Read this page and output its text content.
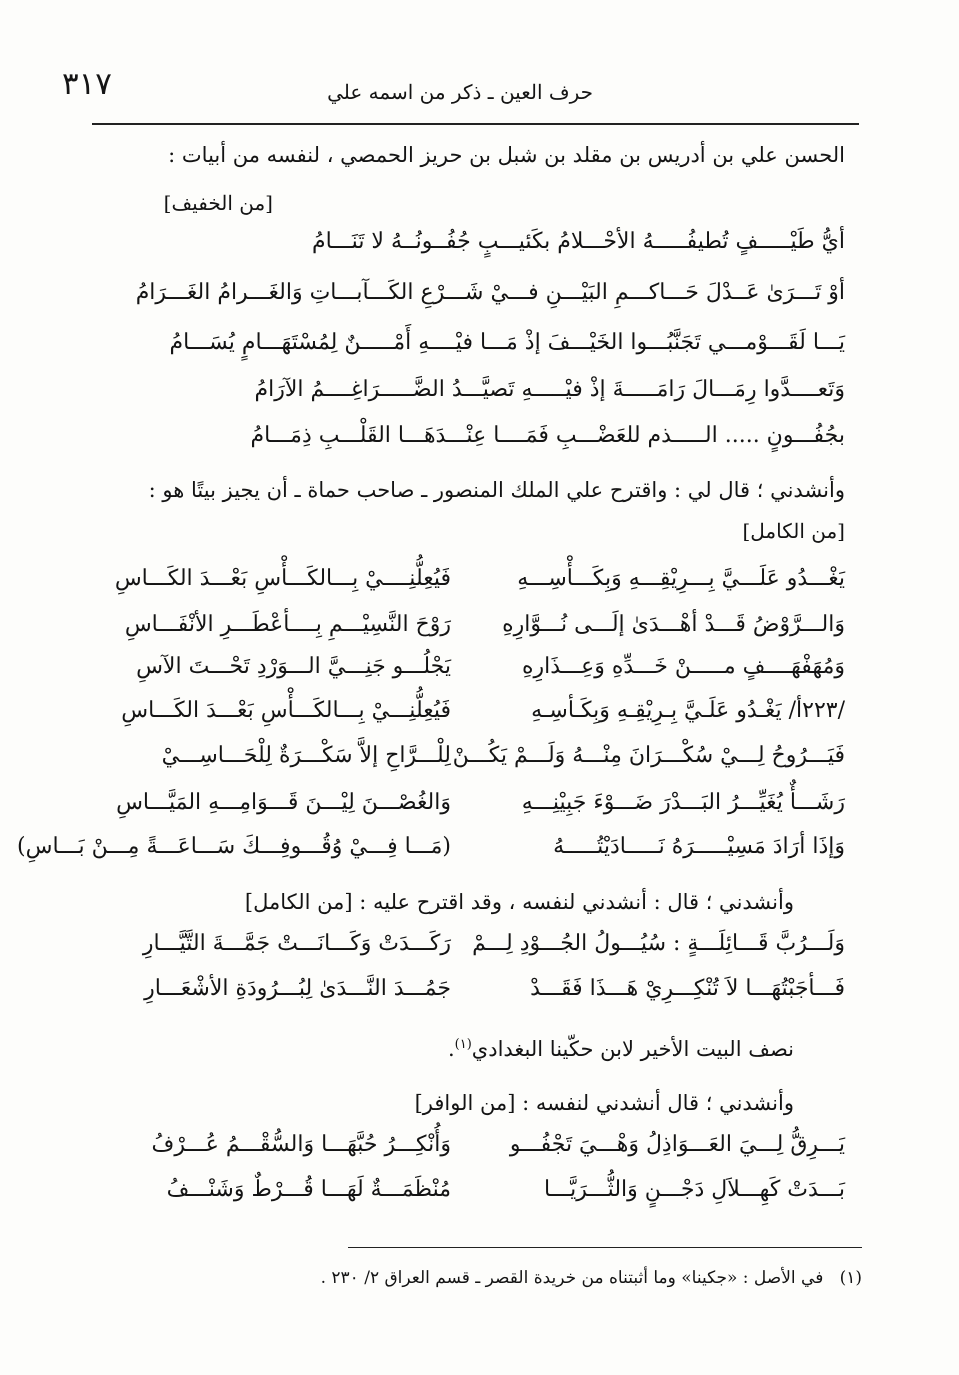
٣١٧	حرف العين ـ ذكر من اسمه علي
الحسن علي بن أدريس بن مقلد بن شبل بن حريز الحمصي ، لنفسه من أبيات :
[من الخفيف]
أيُّ طَيْـــــفٍ تُطيفُـــــهُ الأحْـــلامُ بكَئيـــبٍ جُفُــونُــهُ لا تَنَـــامُ
أوْ تَـــرَىٰ عَــدْلَ حَـــاكـــمِ البَيْـــنِ فـــيْ شَـــرْعِ الكَـــآبـــاتِ وَالغَـــرامُ الغَـــرَامُ
يَـــا لَقَـــوْمـــي تَجَنَّبُـــوا الخَيْـــفَ إذْ مَـــا فيْــــهِ أَمْـــــنٌ لِمُسْتَهَـــامٍ يُسَـــامُ
وَتَعــــدَّوا رِمَـــالَ رَامَـــــةَ إذْ فيْـــــهِ تَصيَّـــدُ الضَّـــــرَاغِــــمُ الآرَامُ
بجُفُـــونٍ ..... الـــــذم للعَضْـــبِ فَمَــــا عِنْـــدَهَـــا القَلْـــبِ ذِمَـــامُ
وأنشدني ؛ قال لي : واقترح علي الملك المنصور ـ صاحب حماة ـ أن يجيز بيتًا هو :
[من الكامل]
يَغْـــدُو عَلَـــيَّ بِـــرِيْقِـــهِ وَبِكَـــأْسِـــهِ
فَيُعِلُّنِــــيْ بِـــالكَـــأْسِ بَعْـــدَ الكَـــاسِ
وَالـــرَّوْضُ قَـــدْ أهْـــدَىٰ إلَـــى نُـــوَّارِهِ
رَوْحَ النَّسِيْـــمِ بِــــأعْطَـــرِ الأنْفَـــاسِ
وَمُهَفْهَــــفٍ مـــــنْ خَـــدِّهِ وَعِـــذَارِهِ
يَجْلُـــو جَنِـــيَّ الـــوَرْدِ تَحْـــتَ الآسِ
/٢٢٣أ/ يَغْـدُو عَلَـيَّ بِـرِيْقِـهِ وَبِكَـأسِـهِ
فَيُعِلُّنِـــيْ بِـــالكَـــأْسِ بَعْـــدَ الكَـــاسِ
فَيَـــرُوحُ لِـــيْ سُكْـــرَانَ مِنْـــهُ وَلَـــمْ يَكُـــنْ
لِلْـــرَّاحِ إلاَّ سَكْـــرَةٌ لِلْحَـــاسِـــيْ
رَشَـــأٌ يُغَيِّـــرُ البَـــدْرَ ضَـــوْءَ جَبِيْنِـــهِ
وَالغُصْـــنَ لِيْـــنَ قَـــوَامِـــهِ المَيَّـــاسِ
وَإذَا أرَادَ مَسِيْـــــرَهُ نَـــــادَيْتُـــــهُ
(مَـــا فِـــيْ وُقُـــوفِـــكَ سَـــاعَـــةً مِـــنْ بَـــاسِ)
وأنشدني ؛ قال : أنشدني لنفسه ، وقد اقترح عليه : [من الكامل]
وَلَـــرُبَّ قَـــائِلَـــةٍ : سُيُـــولُ الجُـــوْدِ لِـــمْ
رَكَـــدَتْ وَكَـــانَـــتْ جَمَّـــةَ التَّيَّـــارِ
فَـــأجَبْتُهَـــا لاَ تُنْكِـــرِيْ هَـــذَا فَقَـــدْ
جَمُـــدَ النَّـــدَىٰ لِبُـــرُودَةِ الأشْعَـــارِ
نصف البيت الأخير لابن حكّينا البغدادي$^{(١)}$.
وأنشدني ؛ قال أنشدني لنفسه : [من الوافر]
يَـــرِقُّ لِـــيَ العَـــوَاذِلُ وَهْـــيَ تَجْفُـــو
وَأُنْكِـــرُ حُبَّهَـــا وَالسُّقْـــمُ عُـــرْفُ
بَـــدَتْ كَهِـــلاَلِ دَجْـــنٍ وَالثُّـــرَيَّـــا
مُنْظَمَـــةٌ لَهَـــا قُـــرْطٌ وَشَنْـــفُ
(١)   في الأصل : «جكينا» وما أثبتناه من خريدة القصر ـ قسم العراق ٢/ ٢٣٠ .
